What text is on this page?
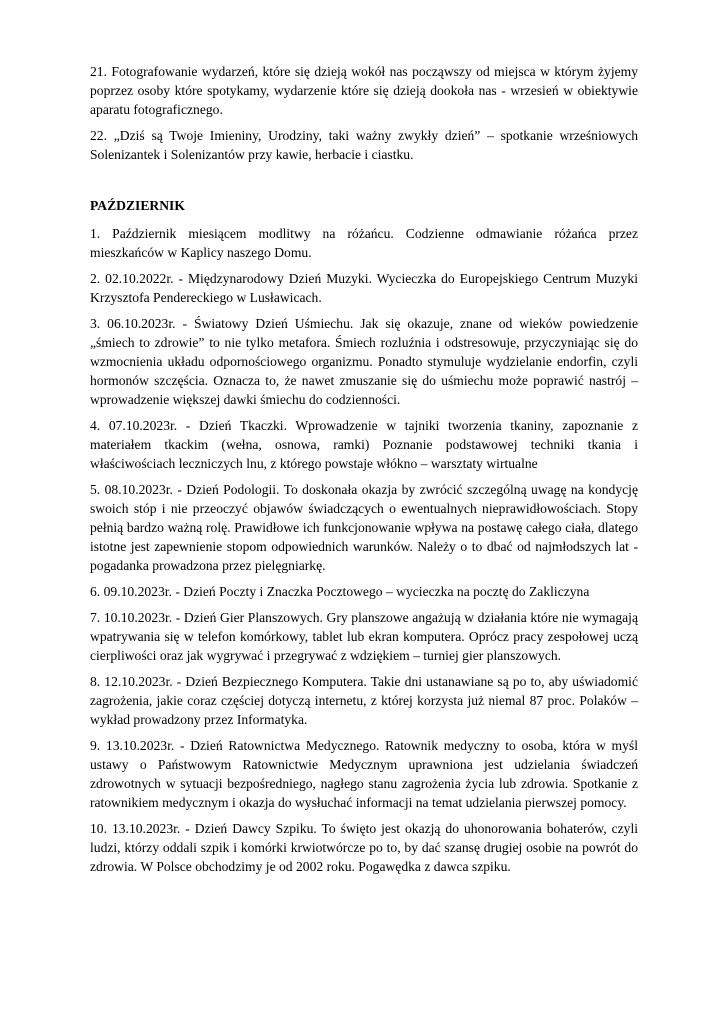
21. Fotografowanie wydarzeń, które się dzieją wokół nas począwszy od miejsca w którym żyjemy poprzez osoby które spotykamy, wydarzenie które się dzieją dookoła nas - wrzesień w obiektywie aparatu fotograficznego.

22. „Dziś są Twoje Imieniny, Urodziny, taki ważny zwykły dzień” – spotkanie wrześniowych Solenizantek i Solenizantów przy kawie, herbacie i ciastku.

PAŹDZIERNIK

1. Październik miesiącem modlitwy na różańcu. Codzienne odmawianie różańca przez mieszkańców w Kaplicy naszego Domu.

2. 02.10.2022r. - Międzynarodowy Dzień Muzyki. Wycieczka do Europejskiego Centrum Muzyki Krzysztofa Pendereckiego w Lusławicach.

3. 06.10.2023r. - Światowy Dzień Uśmiechu. Jak się okazuje, znane od wieków powiedzenie „śmiech to zdrowie” to nie tylko metafora. Śmiech rozluźnia i odstresowuje, przyczyniając się do wzmocnienia układu odpornościowego organizmu. Ponadto stymuluje wydzielanie endorfin, czyli hormonów szczęścia. Oznacza to, że nawet zmuszanie się do uśmiechu może poprawić nastrój – wprowadzenie większej dawki śmiechu do codzienności.

4. 07.10.2023r. - Dzień Tkaczki. Wprowadzenie w tajniki tworzenia tkaniny, zapoznanie z materiałem tkackim (wełna, osnowa, ramki) Poznanie podstawowej techniki tkania i właściwościach leczniczych lnu, z którego powstaje włókno – warsztaty wirtualne

5. 08.10.2023r. - Dzień Podologii. To doskonała okazja by zwrócić szczególną uwagę na kondycję swoich stóp i nie przeoczyć objawów świadczących o ewentualnych nieprawidłowościach. Stopy pełnią bardzo ważną rolę. Prawidłowe ich funkcjonowanie wpływa na postawę całego ciała, dlatego istotne jest zapewnienie stopom odpowiednich warunków. Należy o to dbać od najmłodszych lat - pogadanka prowadzona przez pielęgniarkę.

6. 09.10.2023r. - Dzień Poczty i Znaczka Pocztowego – wycieczka na pocztę do Zakliczyna

7. 10.10.2023r. - Dzień Gier Planszowych. Gry planszowe angażują w działania które nie wymagają wpatrywania się w telefon komórkowy, tablet lub ekran komputera. Oprócz pracy zespołowej uczą cierpliwości oraz jak wygrywać i przegrywać z wdziękiem – turniej gier planszowych.

8. 12.10.2023r. - Dzień Bezpiecznego Komputera. Takie dni ustanawiane są po to, aby uświadomić zagrożenia, jakie coraz częściej dotyczą internetu, z której korzysta już niemal 87 proc. Polaków – wykład prowadzony przez Informatyka.

9. 13.10.2023r. - Dzień Ratownictwa Medycznego. Ratownik medyczny to osoba, która w myśl ustawy o Państwowym Ratownictwie Medycznym uprawniona jest udzielania świadczeń zdrowotnych w sytuacji bezpośredniego, nagłego stanu zagrożenia życia lub zdrowia. Spotkanie z ratownikiem medycznym i okazja do wysłuchać informacji na temat udzielania pierwszej pomocy.

10. 13.10.2023r. - Dzień Dawcy Szpiku. To święto jest okazją do uhonorowania bohaterów, czyli ludzi, którzy oddali szpik i komórki krwiotwórcze po to, by dać szansę drugiej osobie na powrót do zdrowia. W Polsce obchodzimy je od 2002 roku. Pogawędka z dawca szpiku.
